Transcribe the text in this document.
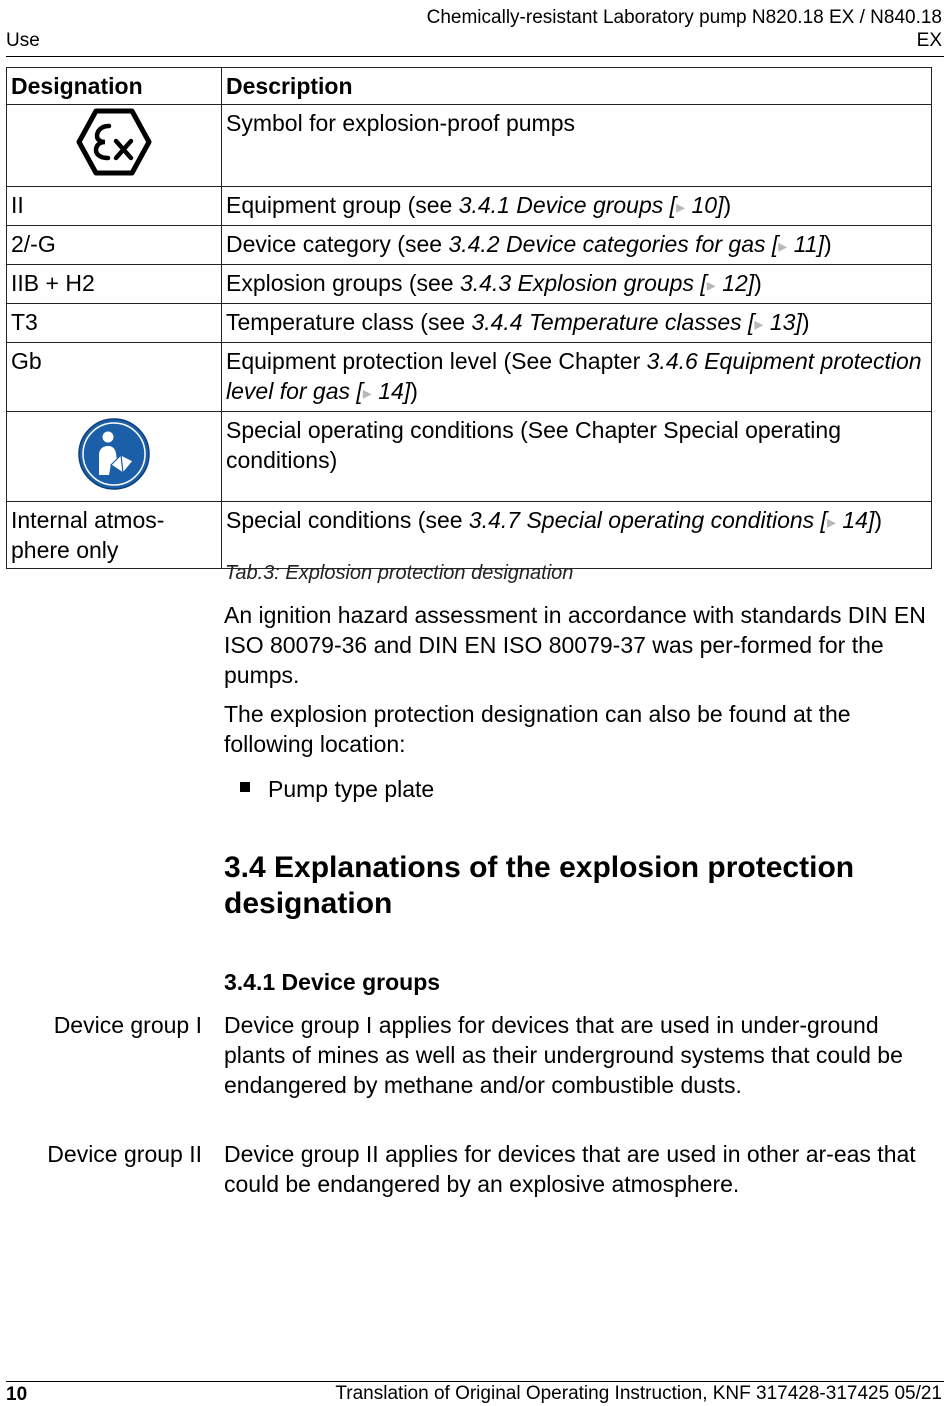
Use
Chemically-resistant Laboratory pump N820.18 EX / N840.18
EX
Designation	Description
	Symbol for explosion-proof pumps
II	Equipment group (see 3.4.1 Device groups [▸ 10])
2/-G	Device category (see 3.4.2 Device categories for gas [▸ 11])
IIB + H2	Explosion groups (see 3.4.3 Explosion groups [▸ 12])
T3	Temperature class (see 3.4.4 Temperature classes [▸ 13])
Gb	Equipment protection level (See Chapter 3.4.6 Equipment protection level for gas [▸ 14])
	Special operating conditions (See Chapter Special operating conditions)
Internal atmos-phere only	Special conditions (see 3.4.7 Special operating conditions [▸ 14])
Tab.3: Explosion protection designation
An ignition hazard assessment in accordance with standards DIN EN ISO 80079-36 and DIN EN ISO 80079-37 was per-formed for the pumps.
The explosion protection designation can also be found at the following location:
Pump type plate
3.4 Explanations of the explosion protection designation
3.4.1 Device groups
Device group I Device group I applies for devices that are used in under-ground plants of mines as well as their underground systems that could be endangered by methane and/or combustible dusts.
Device group II Device group II applies for devices that are used in other ar-eas that could be endangered by an explosive atmosphere.
10	Translation of Original Operating Instruction, KNF 317428-317425 05/21
